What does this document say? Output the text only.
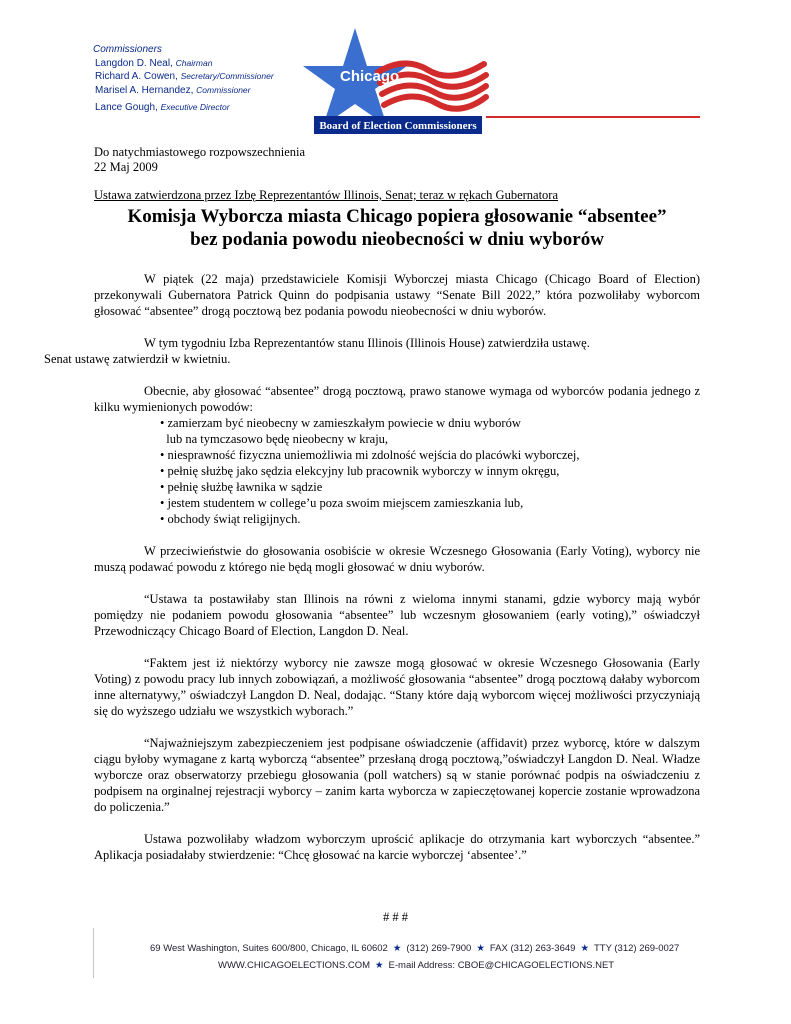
Commissioners
Langdon D. Neal, Chairman
Richard A. Cowen, Secretary/Commissioner
Marisel A. Hernandez, Commissioner
Lance Gough, Executive Director
Chicago
Board of Election Commissioners
Do natychmiastowego rozpowszechnienia
22 Maj 2009
Ustawa zatwierdzona przez Izbę Reprezentantów Illinois, Senat; teraz w rękach Gubernatora
Komisja Wyborcza miasta Chicago popiera głosowanie “absentee”
bez podania powodu nieobecności w dniu wyborów

W piątek (22 maja) przedstawiciele Komisji Wyborczej miasta Chicago (Chicago Board of Election) przekonywali Gubernatora Patrick Quinn do podpisania ustawy “Senate Bill 2022,” która pozwoliłaby wyborcom głosować “absentee” drogą pocztową bez podania powodu nieobecności w dniu wyborów.

W tym tygodniu Izba Reprezentantów stanu Illinois (Illinois House) zatwierdziła ustawę.
Senat ustawę zatwierdził w kwietniu.

Obecnie, aby głosować “absentee” drogą pocztową, prawo stanowe wymaga od wyborców podania jednego z kilku wymienionych powodów:

• zamierzam być nieobecny w zamieszkałym powiecie w dniu wyborów
lub na tymczasowo będę nieobecny w kraju,
• niesprawność fizyczna uniemożliwia mi zdolność wejścia do placówki wyborczej,
• pełnię służbę jako sędzia elekcyjny lub pracownik wyborczy w innym okręgu,
• pełnię służbę ławnika w sądzie
• jestem studentem w college’u poza swoim miejscem zamieszkania lub,
• obchody świąt religijnych.

W przeciwieństwie do głosowania osobiście w okresie Wczesnego Głosowania (Early Voting), wyborcy nie muszą podawać powodu z którego nie będą mogli głosować w dniu wyborów.

“Ustawa ta postawiłaby stan Illinois na równi z wieloma innymi stanami, gdzie wyborcy mają wybór pomiędzy nie podaniem powodu głosowania “absentee” lub wczesnym głosowaniem (early voting),” oświadczył Przewodniczący Chicago Board of Election, Langdon D. Neal.

“Faktem jest iż niektórzy wyborcy nie zawsze mogą głosować w okresie Wczesnego Głosowania (Early Voting) z powodu pracy lub innych zobowiązań, a możliwość głosowania “absentee” drogą pocztową dałaby wyborcom inne alternatywy,” oświadczył Langdon D. Neal, dodając. “Stany które dają wyborcom więcej możliwości przyczyniają się do wyższego udziału we wszystkich wyborach.”

“Najważniejszym zabezpieczeniem jest podpisane oświadczenie (affidavit) przez wyborcę, które w dalszym ciągu byłoby wymagane z kartą wyborczą “absentee” przesłaną drogą pocztową,”oświadczył Langdon D. Neal. Władze wyborcze oraz obserwatorzy przebiegu głosowania (poll watchers) są w stanie porównać podpis na oświadczeniu z podpisem na orginalnej rejestracji wyborcy – zanim karta wyborcza w zapieczętowanej kopercie zostanie wprowadzona do policzenia.”

Ustawa pozwoliłaby władzom wyborczym uprościć aplikacje do otrzymania kart wyborczych “absentee.” Aplikacja posiadałaby stwierdzenie: “Chcę głosować na karcie wyborczej ‘absentee’.”

# # #
69 West Washington, Suites 600/800, Chicago, IL 60602 ★ (312) 269-7900 ★ FAX (312) 263-3649 ★ TTY (312) 269-0027
WWW.CHICAGOELECTIONS.COM ★ E-mail Address: CBOE@CHICAGOELECTIONS.NET
